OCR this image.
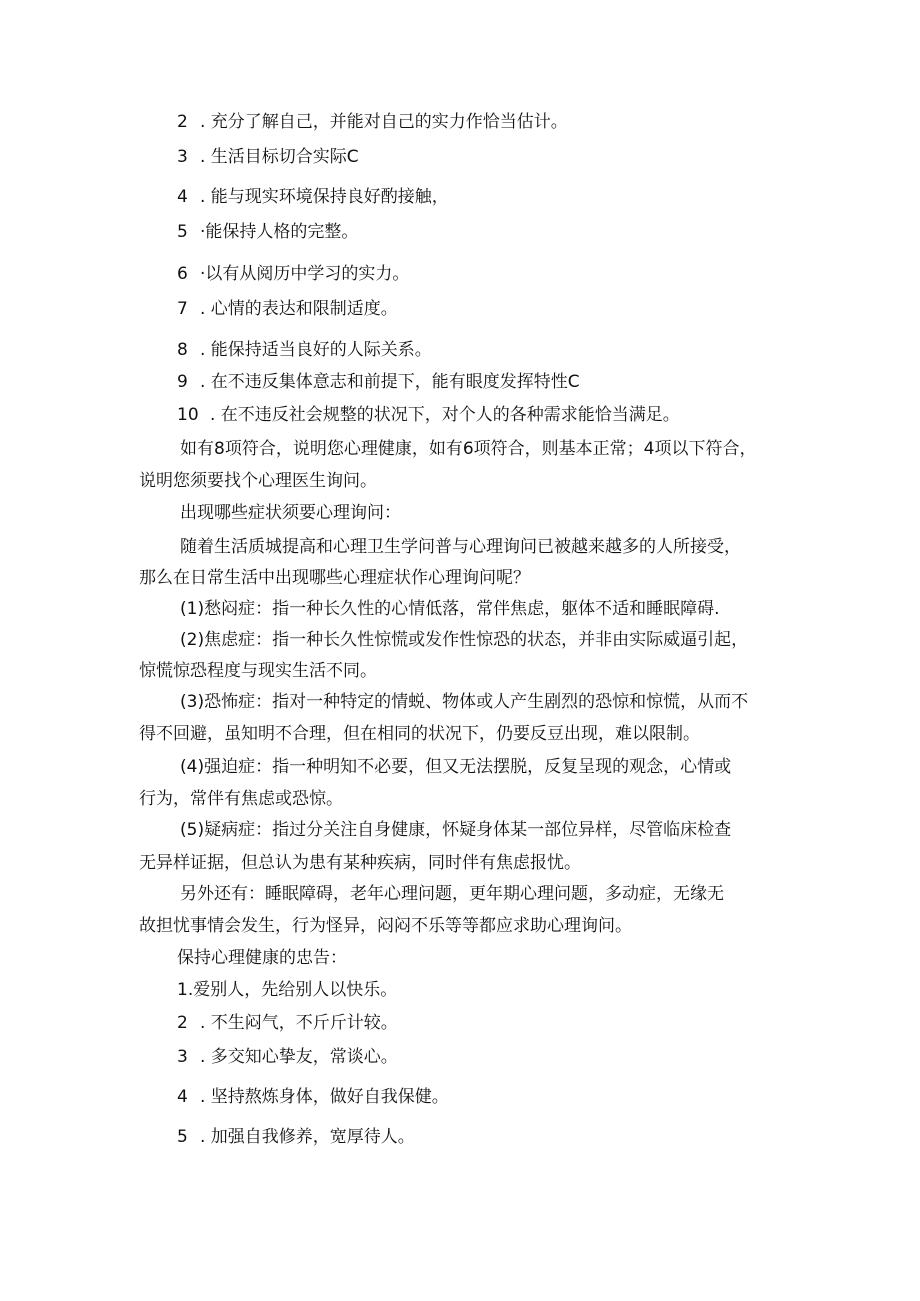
2 . 充分了解自己，并能对自己的实力作恰当估计。
3 . 生活目标切合实际C
4 . 能与现实环境保持良好酌接触，
5 ·能保持人格的完整。
6 ·以有从阅历中学习的实力。
7 . 心情的表达和限制适度。
8 . 能保持适当良好的人际关系。
9 . 在不违反集体意志和前提下，能有眼度发挥特性C
10 . 在不违反社会规整的状况下，对个人的各种需求能恰当满足。
如有8项符合，说明您心理健康，如有6项符合，则基本正常；4项以下符合，
说明您须要找个心理医生询问。
出现哪些症状须要心理询问：
随着生活质城提高和心理卫生学问普与心理询问已被越来越多的人所接受，
那么在日常生活中出现哪些心理症状作心理询问呢？
(1)愁闷症：指一种长久性的心情低落，常伴焦虑，躯体不适和睡眠障碍.
(2)焦虑症：指一种长久性惊慌或发作性惊恐的状态，并非由实际威逼引起，
惊慌惊恐程度与现实生活不同。
(3)恐怖症：指对一种特定的情蜕、物体或人产生剧烈的恐惊和惊慌，从而不
得不回避，虽知明不合理，但在相同的状况下，仍要反豆出现，难以限制。
(4)强迫症：指一种明知不必要，但又无法摆脱，反复呈现的观念，心情或
行为，常伴有焦虑或恐惊。
(5)疑病症：指过分关注自身健康，怀疑身体某一部位异样，尽管临床检查
无异样证据，但总认为患有某种疾病，同时伴有焦虑报忧。
另外还有：睡眠障碍，老年心理问题，更年期心理问题，多动症，无缘无
故担忧事情会发生，行为怪异，闷闷不乐等等都应求助心理询问。
保持心理健康的忠告：
1.爱别人，先给别人以快乐。
2 . 不生闷气，不斤斤计较。
3 . 多交知心挚友，常谈心。
4 . 坚持熬炼身体，做好自我保健。
5 . 加强自我修养，宽厚待人。
